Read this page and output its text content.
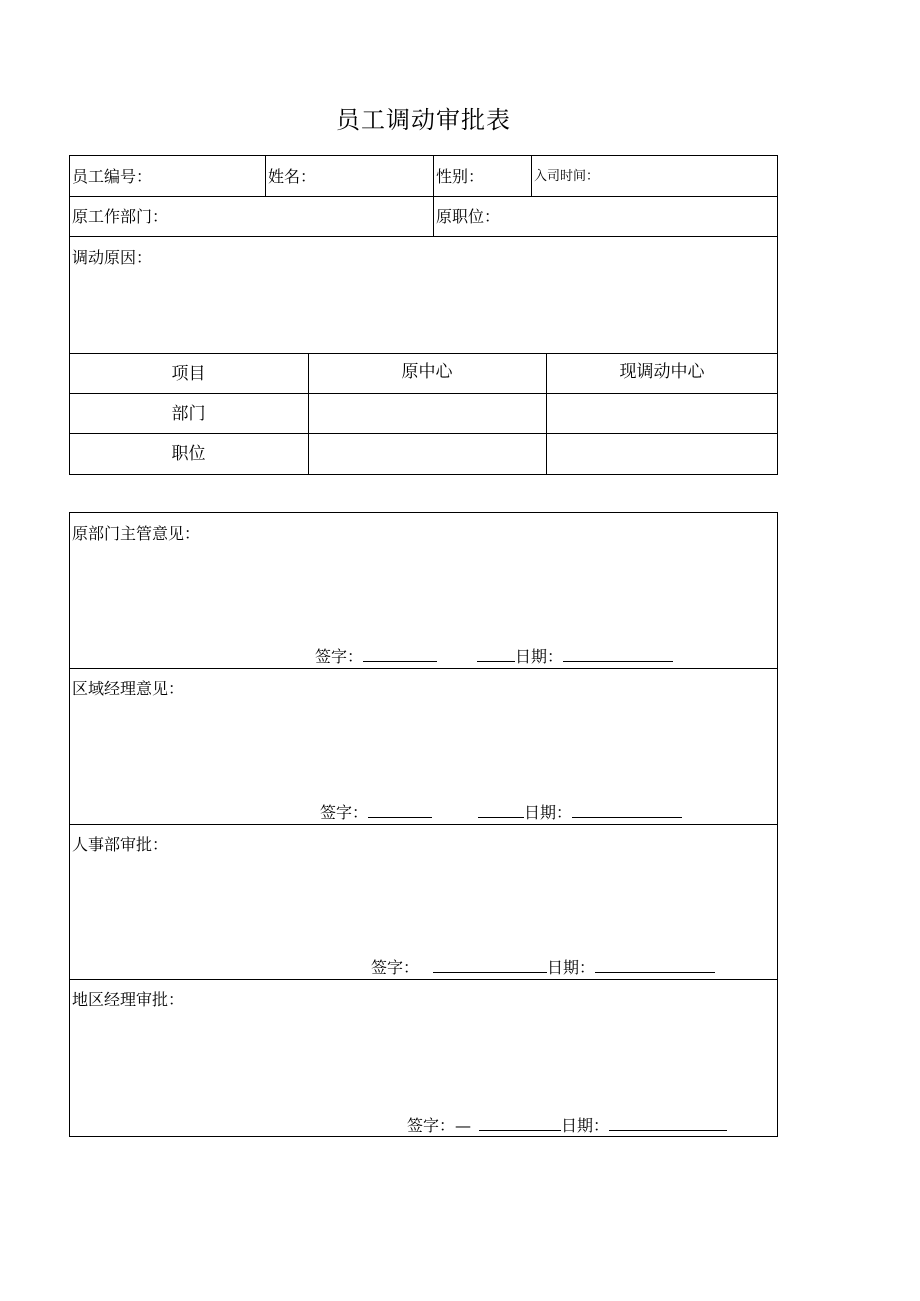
员工调动审批表
员工编号：	姓名：	性别：	入司时间：
原工作部门：	原职位：
调动原因：
项目	原中心	现调动中心
部门
职位
原部门主管意见：
签字：	日期：
区域经理意见：
签字：	日期：
人事部审批：
签字：	日期：
地区经理审批：
签字：—	日期：
